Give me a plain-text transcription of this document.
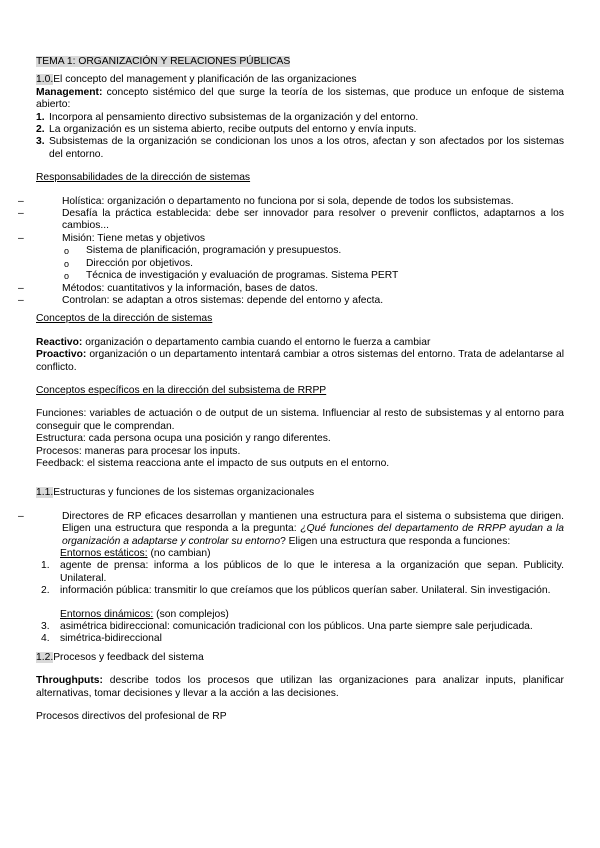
TEMA 1: ORGANIZACIÓN Y RELACIONES PÚBLICAS

1.0.El concepto del management y planificación de las organizaciones

Management: concepto sistémico del que surge la teoría de los sistemas, que produce un enfoque de sistema abierto:

1. Incorpora al pensamiento directivo subsistemas de la organización y del entorno.

2. La organización es un sistema abierto, recibe outputs del entorno y envía inputs.

3. Subsistemas de la organización se condicionan los unos a los otros, afectan y son afectados por los sistemas del entorno.

Responsabilidades de la dirección de sistemas

– Holística: organización o departamento no funciona por si sola, depende de todos los subsistemas.

– Desafía la práctica establecida: debe ser innovador para resolver o prevenir conflictos, adaptarnos a los cambios...

– Misión: Tiene metas y objetivos

o Sistema de planificación, programación y presupuestos.

o Dirección por objetivos.

o Técnica de investigación y evaluación de programas. Sistema PERT

– Métodos: cuantitativos y la información, bases de datos.

– Controlan: se adaptan a otros sistemas: depende del entorno y afecta.

Conceptos de la dirección de sistemas

Reactivo: organización o departamento cambia cuando el entorno le fuerza a cambiar

Proactivo: organización o un departamento intentará cambiar a otros sistemas del entorno. Trata de adelantarse al conflicto.

Conceptos específicos en la dirección del subsistema de RRPP

Funciones: variables de actuación o de output de un sistema. Influenciar al resto de subsistemas y al entorno para conseguir que le comprendan.

Estructura: cada persona ocupa una posición y rango diferentes.

Procesos: maneras para procesar los inputs.

Feedback: el sistema reacciona ante el impacto de sus outputs en el entorno.

1.1.Estructuras y funciones de los sistemas organizacionales

– Directores de RP eficaces desarrollan y mantienen una estructura para el sistema o subsistema que dirigen. Eligen una estructura que responda a la pregunta: ¿Qué funciones del departamento de RRPP ayudan a la organización a adaptarse y controlar su entorno? Eligen una estructura que responda a funciones:

Entornos estáticos: (no cambian)

1. agente de prensa: informa a los públicos de lo que le interesa a la organización que sepan. Publicity. Unilateral.

2. información pública: transmitir lo que creíamos que los públicos querían saber. Unilateral. Sin investigación.

Entornos dinámicos: (son complejos)

3. asimétrica bidireccional: comunicación tradicional con los públicos. Una parte siempre sale perjudicada.

4. simétrica-bidireccional

1.2.Procesos y feedback del sistema

Throughputs: describe todos los procesos que utilizan las organizaciones para analizar inputs, planificar alternativas, tomar decisiones y llevar a la acción a las decisiones.

Procesos directivos del profesional de RP
